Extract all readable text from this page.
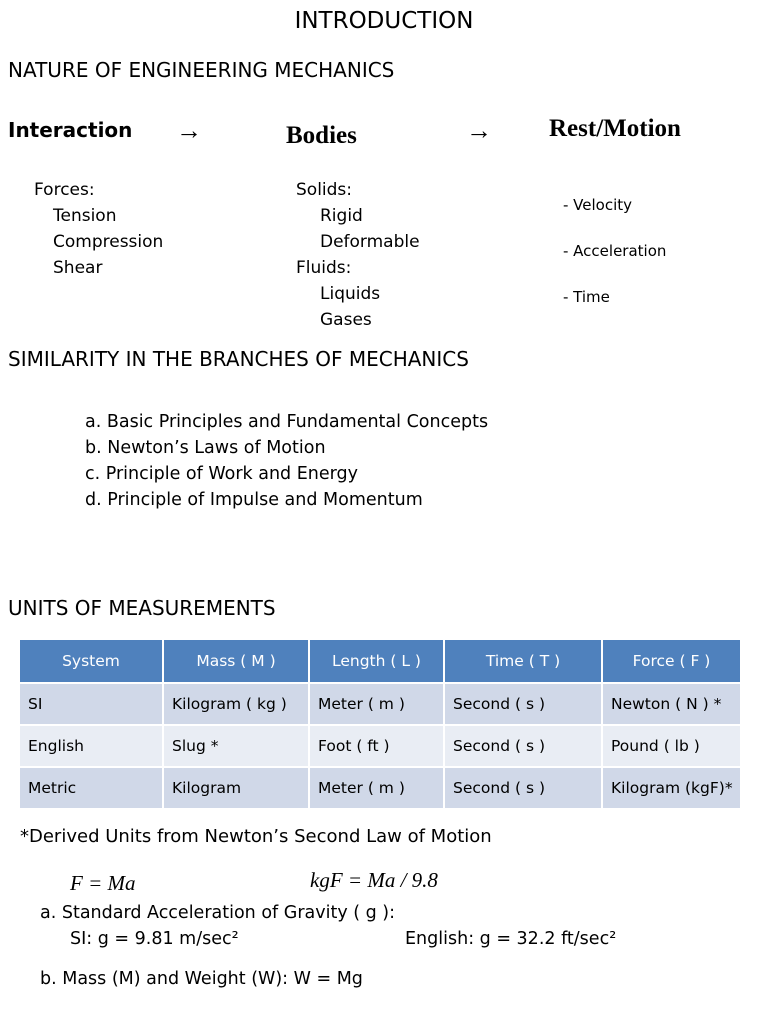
INTRODUCTION
NATURE OF ENGINEERING MECHANICS
Interaction →	Bodies	→ Rest/Motion
Forces:
Tension
Compression
Shear
Solids:
Rigid
Deformable
Fluids:
Liquids
Gases
- Velocity
- Acceleration
- Time
SIMILARITY IN THE BRANCHES OF MECHANICS
a. Basic Principles and Fundamental Concepts
b. Newton’s Laws of Motion
c. Principle of Work and Energy
d. Principle of Impulse and Momentum
UNITS OF MEASUREMENTS
System	Mass ( M )	Length ( L )	Time ( T )	Force ( F )
SI	Kilogram ( kg )	Meter ( m )	Second ( s )	Newton ( N ) *
English	Slug *	Foot ( ft )	Second ( s )	Pound ( lb )
Metric	Kilogram	Meter ( m )	Second ( s )	Kilogram (kgF)*
*Derived Units from Newton’s Second Law of Motion
F = Ma	kgF = Ma / 9.8
a. Standard Acceleration of Gravity ( g ):
SI: g = 9.81 m/sec²	English: g = 32.2 ft/sec²
b. Mass (M) and Weight (W): W = Mg
